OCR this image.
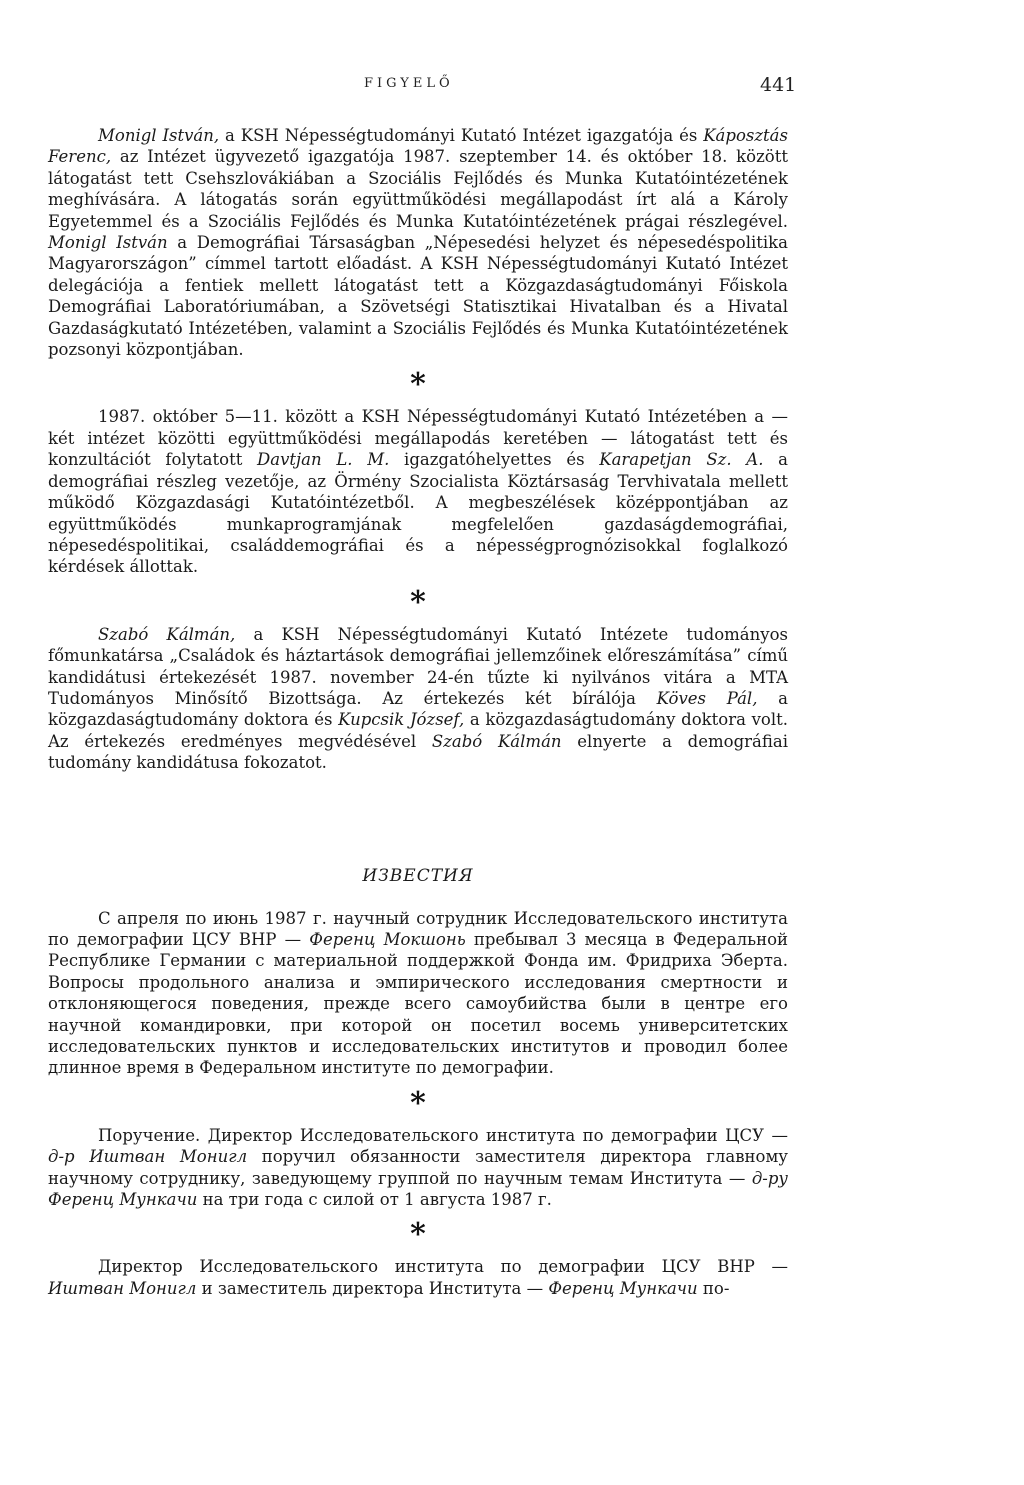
FIGYELŐ	441

Monigl István, a KSH Népességtudományi Kutató Intézet igazgatója és Káposztás Ferenc, az Intézet ügyvezető igazgatója 1987. szeptember 14. és október 18. között látogatást tett Csehszlovákiában a Szociális Fejlődés és Munka Kutatóintézetének meghívására. A látogatás során együttműködési megállapodást írt alá a Károly Egyetemmel és a Szociális Fejlődés és Munka Kutatóintézetének prágai részlegével. Monigl István a Demográfiai Társaságban „Népesedési helyzet és népesedéspolitika Magyarországon” címmel tartott előadást. A KSH Népességtudományi Kutató Intézet delegációja a fentiek mellett látogatást tett a Közgazdaságtudományi Főiskola Demográfiai Laboratóriumában, a Szövetségi Statisztikai Hivatalban és a Hivatal Gazdaságkutató Intézetében, valamint a Szociális Fejlődés és Munka Kutatóintézetének pozsonyi központjában.

*

1987. október 5—11. között a KSH Népességtudományi Kutató Intézetében a — két intézet közötti együttműködési megállapodás keretében — látogatást tett és konzultációt folytatott Davtjan L. M. igazgatóhelyettes és Karapetjan Sz. A. a demográfiai részleg vezetője, az Örmény Szocialista Köztársaság Tervhivatala mellett működő Közgazdasági Kutatóintézetből. A megbeszélések középpontjában az együttműködés munkaprogramjának megfelelően gazdaságdemográfiai, népesedéspolitikai, családdemográfiai és a népességprognózisokkal foglalkozó kérdések állottak.

*

Szabó Kálmán, a KSH Népességtudományi Kutató Intézete tudományos főmunkatársa „Családok és háztartások demográfiai jellemzőinek előreszámítása” című kandidátusi értekezését 1987. november 24-én tűzte ki nyilvános vitára a MTA Tudományos Minősítő Bizottsága. Az értekezés két bírálója Köves Pál, a közgazdaságtudomány doktora és Kupcsik József, a közgazdaságtudomány doktora volt. Az értekezés eredményes megvédésével Szabó Kálmán elnyerte a demográfiai tudomány kandidátusa fokozatot.

ИЗВЕСТИЯ

С апреля по июнь 1987 г. научный сотрудник Исследовательского института по демографии ЦСУ ВНР — Ференц Мокшонь пребывал 3 месяца в Федеральной Республике Германии с материальной поддержкой Фонда им. Фридриха Эберта. Вопросы продольного анализа и эмпирического исследования смертности и отклоняющегося поведения, прежде всего самоубийства были в центре его научной командировки, при которой он посетил восемь университетских исследовательских пунктов и исследовательских институтов и проводил более длинное время в Федеральном институте по демографии.

*

Поручение. Директор Исследовательского института по демографии ЦСУ — д-р Иштван Монигл поручил обязанности заместителя директора главному научному сотруднику, заведующему группой по научным темам Института — д-ру Ференц Мункачи на три года с силой от 1 августа 1987 г.

*

Директор Исследовательского института по демографии ЦСУ ВНР — Иштван Монигл и заместитель директора Института — Ференц Мункачи по-
